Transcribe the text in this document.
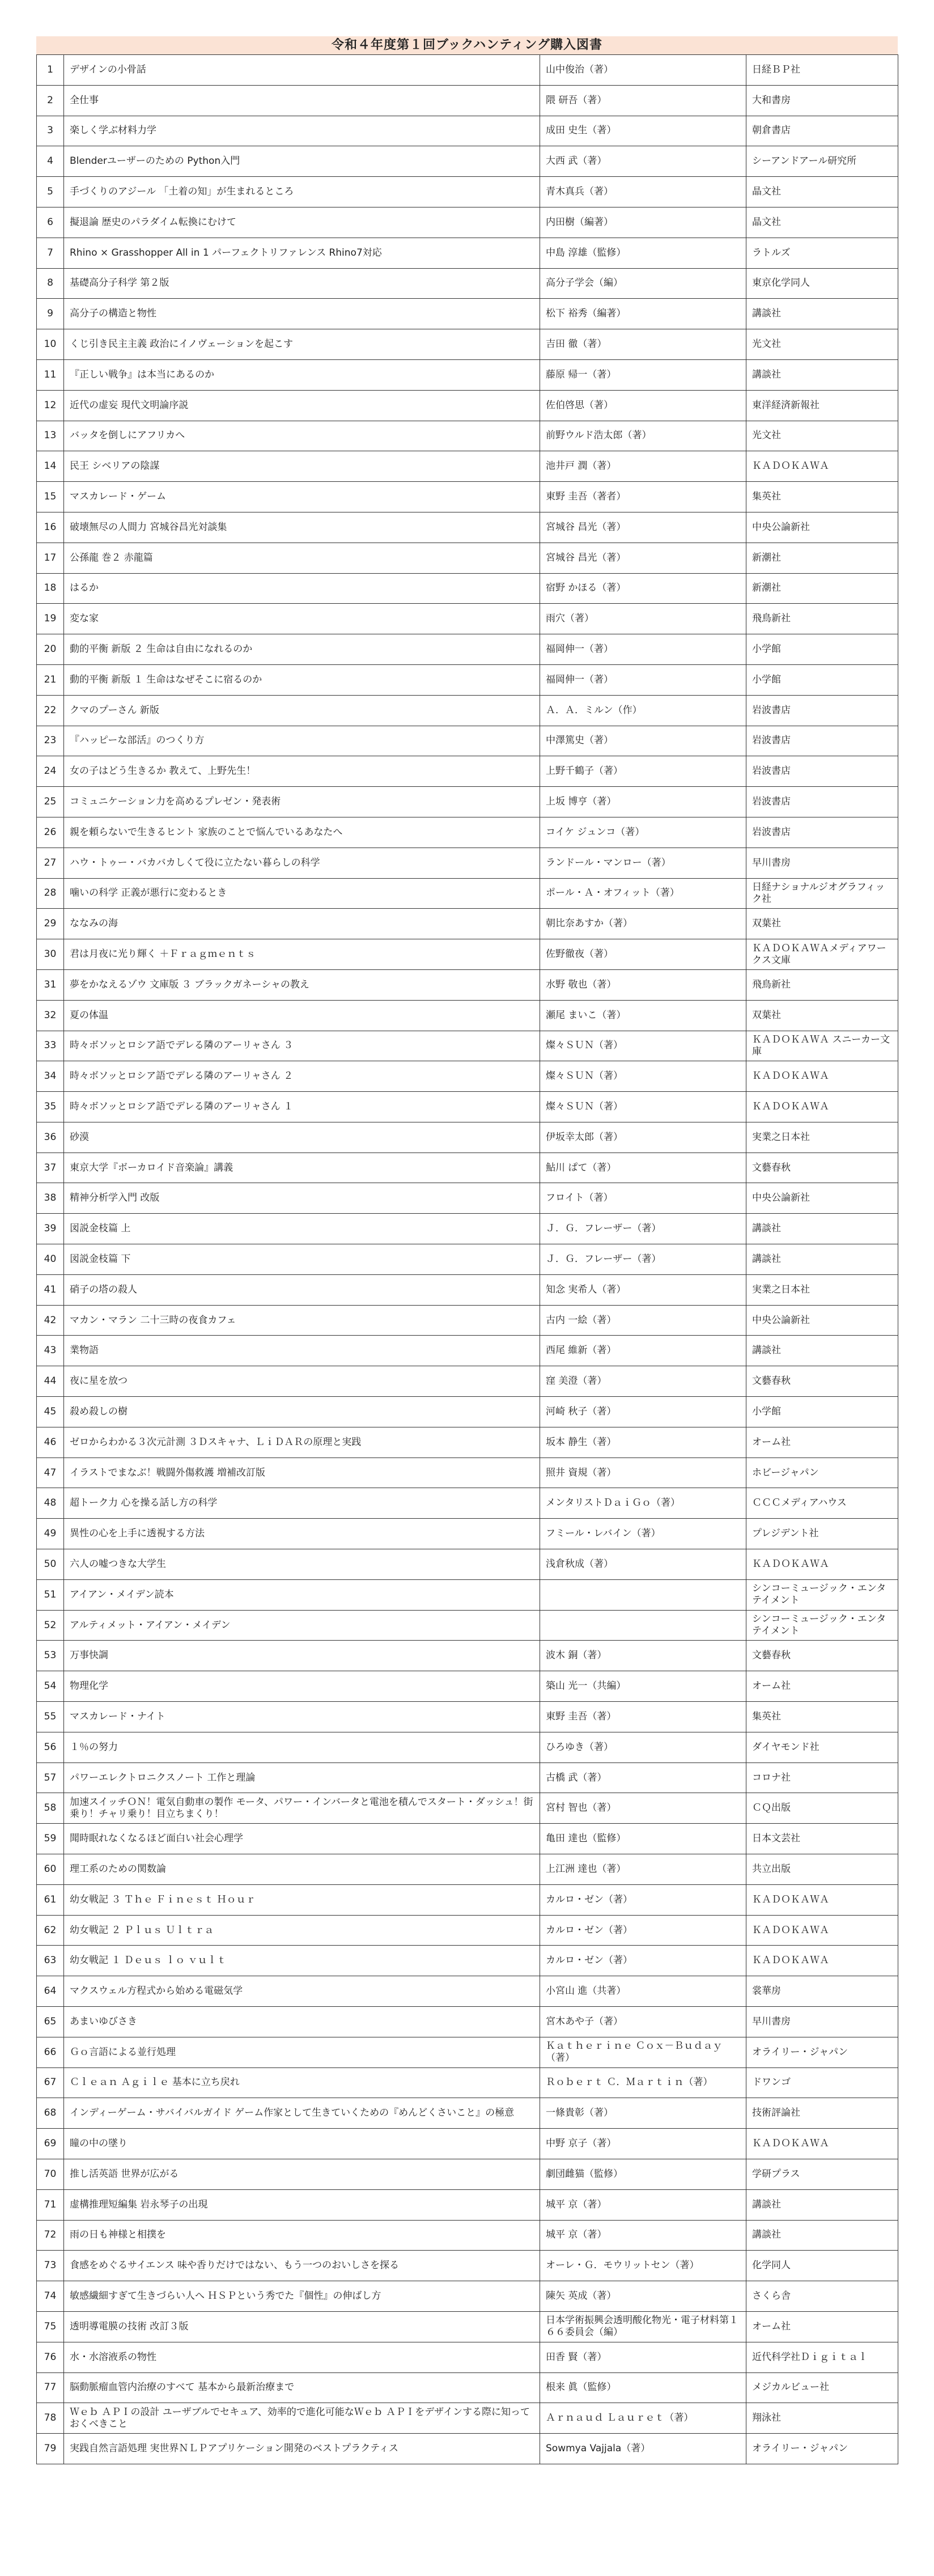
令和４年度第１回ブックハンティング購入図書
1	デザインの小骨話	山中俊治（著）	日経ＢＰ社
2	全仕事	隈 研吾（著）	大和書房
3	楽しく学ぶ材料力学	成田 史生（著）	朝倉書店
4	Blenderユーザーのための Python入門	大西 武（著）	シーアンドアール研究所
5	手づくりのアジール 「土着の知」が生まれるところ	青木真兵（著）	晶文社
6	擬退論 歴史のパラダイム転換にむけて	内田樹（編著）	晶文社
7	Rhino × Grasshopper All in 1 パーフェクトリファレンス Rhino7対応	中島 淳雄（監修）	ラトルズ
8	基礎高分子科学 第２版	高分子学会（編）	東京化学同人
9	高分子の構造と物性	松下 裕秀（編著）	講談社
10	くじ引き民主主義 政治にイノヴェーションを起こす	吉田 徹（著）	光文社
11	『正しい戦争』は本当にあるのか	藤原 帰一（著）	講談社
12	近代の虚妄 現代文明論序説	佐伯啓思（著）	東洋経済新報社
13	バッタを倒しにアフリカへ	前野ウルド浩太郎（著）	光文社
14	民王 シベリアの陰謀	池井戸 潤（著）	ＫＡＤＯＫＡＷＡ
15	マスカレード・ゲーム	東野 圭吾（著者）	集英社
16	破壊無尽の人間力 宮城谷昌光対談集	宮城谷 昌光（著）	中央公論新社
17	公孫龍 巻２ 赤龍篇	宮城谷 昌光（著）	新潮社
18	はるか	宿野 かほる（著）	新潮社
19	変な家	雨穴（著）	飛鳥新社
20	動的平衡 新版 ２ 生命は自由になれるのか	福岡伸一（著）	小学館
21	動的平衡 新版 １ 生命はなぜそこに宿るのか	福岡伸一（著）	小学館
22	クマのプーさん 新版	Ａ．Ａ．ミルン（作）	岩波書店
23	『ハッピーな部活』のつくり方	中澤篤史（著）	岩波書店
24	女の子はどう生きるか 教えて、上野先生！	上野千鶴子（著）	岩波書店
25	コミュニケーション力を高めるプレゼン・発表術	上坂 博亨（著）	岩波書店
26	親を頼らないで生きるヒント 家族のことで悩んでいるあなたへ	コイケ ジュンコ（著）	岩波書店
27	ハウ・トゥー・バカバカしくて役に立たない暮らしの科学	ランドール・マンロー（著）	早川書房
28	噛いの科学 正義が悪行に変わるとき	ポール・Ａ・オフィット（著）	日経ナショナルジオグラフィック社
29	ななみの海	朝比奈あすか（著）	双葉社
30	君は月夜に光り輝く ＋Ｆｒａｇｍｅｎｔｓ	佐野徹夜（著）	ＫＡＤＯＫＡＷＡメディアワークス文庫
31	夢をかなえるゾウ 文庫版 ３ ブラックガネーシャの教え	水野 敬也（著）	飛鳥新社
32	夏の体温	瀬尾 まいこ（著）	双葉社
33	時々ボソッとロシア語でデレる隣のアーリャさん ３	燦々ＳＵＮ（著）	ＫＡＤＯＫＡＷＡ スニーカー文庫
34	時々ボソッとロシア語でデレる隣のアーリャさん ２	燦々ＳＵＮ（著）	ＫＡＤＯＫＡＷＡ
35	時々ボソッとロシア語でデレる隣のアーリャさん １	燦々ＳＵＮ（著）	ＫＡＤＯＫＡＷＡ
36	砂漠	伊坂幸太郎（著）	実業之日本社
37	東京大学『ボーカロイド音楽論』講義	鮎川 ぱて（著）	文藝春秋
38	精神分析学入門 改版	フロイト（著）	中央公論新社
39	図説金枝篇 上	Ｊ．Ｇ．フレーザー（著）	講談社
40	図説金枝篇 下	Ｊ．Ｇ．フレーザー（著）	講談社
41	硝子の塔の殺人	知念 実希人（著）	実業之日本社
42	マカン・マラン 二十三時の夜食カフェ	古内 一絵（著）	中央公論新社
43	業物語	西尾 維新（著）	講談社
44	夜に星を放つ	窪 美澄（著）	文藝春秋
45	殺め殺しの樹	河崎 秋子（著）	小学館
46	ゼロからわかる３次元計測 ３Ｄスキャナ、ＬｉＤＡＲの原理と実践	坂本 静生（著）	オーム社
47	イラストでまなぶ！戦闘外傷救護 増補改訂版	照井 資規（著）	ホビージャパン
48	超トーク力 心を操る話し方の科学	メンタリストＤａｉＧｏ（著）	ＣＣＣメディアハウス
49	異性の心を上手に透視する方法	フミール・レバイン（著）	プレジデント社
50	六人の嘘つきな大学生	浅倉秋成（著）	ＫＡＤＯＫＡＷＡ
51	アイアン・メイデン読本		シンコーミュージック・エンタテイメント
52	アルティメット・アイアン・メイデン		シンコーミュージック・エンタテイメント
53	万事快調	波木 銅（著）	文藝春秋
54	物理化学	築山 光一（共編）	オーム社
55	マスカレード・ナイト	東野 圭吾（著）	集英社
56	１％の努力	ひろゆき（著）	ダイヤモンド社
57	パワーエレクトロニクスノート 工作と理論	古橋 武（著）	コロナ社
58	加速スイッチＯＮ！電気自動車の製作 モータ、パワー・インバータと電池を積んでスタート・ダッシュ！街乗り！チャリ乗り！目立ちまくり！	宮村 智也（著）	ＣＱ出版
59	聞時眠れなくなるほど面白い社会心理学	亀田 達也（監修）	日本文芸社
60	理工系のための関数論	上江洲 達也（著）	共立出版
61	幼女戦記 ３ Ｔｈｅ Ｆｉｎｅｓｔ Ｈｏｕｒ	カルロ・ゼン（著）	ＫＡＤＯＫＡＷＡ
62	幼女戦記 ２ Ｐｌｕｓ Ｕｌｔｒａ	カルロ・ゼン（著）	ＫＡＤＯＫＡＷＡ
63	幼女戦記 １ Ｄｅｕｓ ｌｏ ｖｕｌｔ	カルロ・ゼン（著）	ＫＡＤＯＫＡＷＡ
64	マクスウェル方程式から始める電磁気学	小宮山 進（共著）	裳華房
65	あまいゆびさき	宮木あや子（著）	早川書房
66	Ｇｏ言語による並行処理	Ｋａｔｈｅｒｉｎｅ Ｃｏｘ－Ｂｕｄａｙ（著）	オライリー・ジャパン
67	Ｃｌｅａｎ Ａｇｉｌｅ 基本に立ち戻れ	Ｒｏｂｅｒｔ Ｃ．Ｍａｒｔｉｎ（著）	ドワンゴ
68	インディーゲーム・サバイバルガイド ゲーム作家として生きていくための『めんどくさいこと』の極意	一條貴彰（著）	技術評論社
69	瞳の中の墜り	中野 京子（著）	ＫＡＤＯＫＡＷＡ
70	推し活英語 世界が広がる	劇団雌猫（監修）	学研プラス
71	虚構推理短編集 岩永琴子の出現	城平 京（著）	講談社
72	雨の日も神様と相撲を	城平 京（著）	講談社
73	食感をめぐるサイエンス 味や香りだけではない、もう一つのおいしさを探る	オーレ・Ｇ．モウリットセン（著）	化学同人
74	敏感繊細すぎて生きづらい人へ ＨＳＰという秀でた『個性』の伸ばし方	陳矢 英成（著）	さくら舎
75	透明導電膜の技術 改訂３版	日本学術振興会透明酸化物光・電子材料第１６６委員会（編）	オーム社
76	水・水溶液系の物性	田香 賢（著）	近代科学社Ｄｉｇｉｔａｌ
77	脳動脈瘤血管内治療のすべて 基本から最新治療まで	根来 眞（監修）	メジカルビュー社
78	Ｗｅｂ ＡＰＩの設計 ユーザブルでセキュア、効率的で進化可能なＷｅｂ ＡＰＩをデザインする際に知っておくべきこと	Ａｒｎａｕｄ Ｌａｕｒｅｔ（著）	翔泳社
79	実践自然言語処理 実世界ＮＬＰアプリケーション開発のベストプラクティス	Sowmya Vajjala（著）	オライリー・ジャパン
